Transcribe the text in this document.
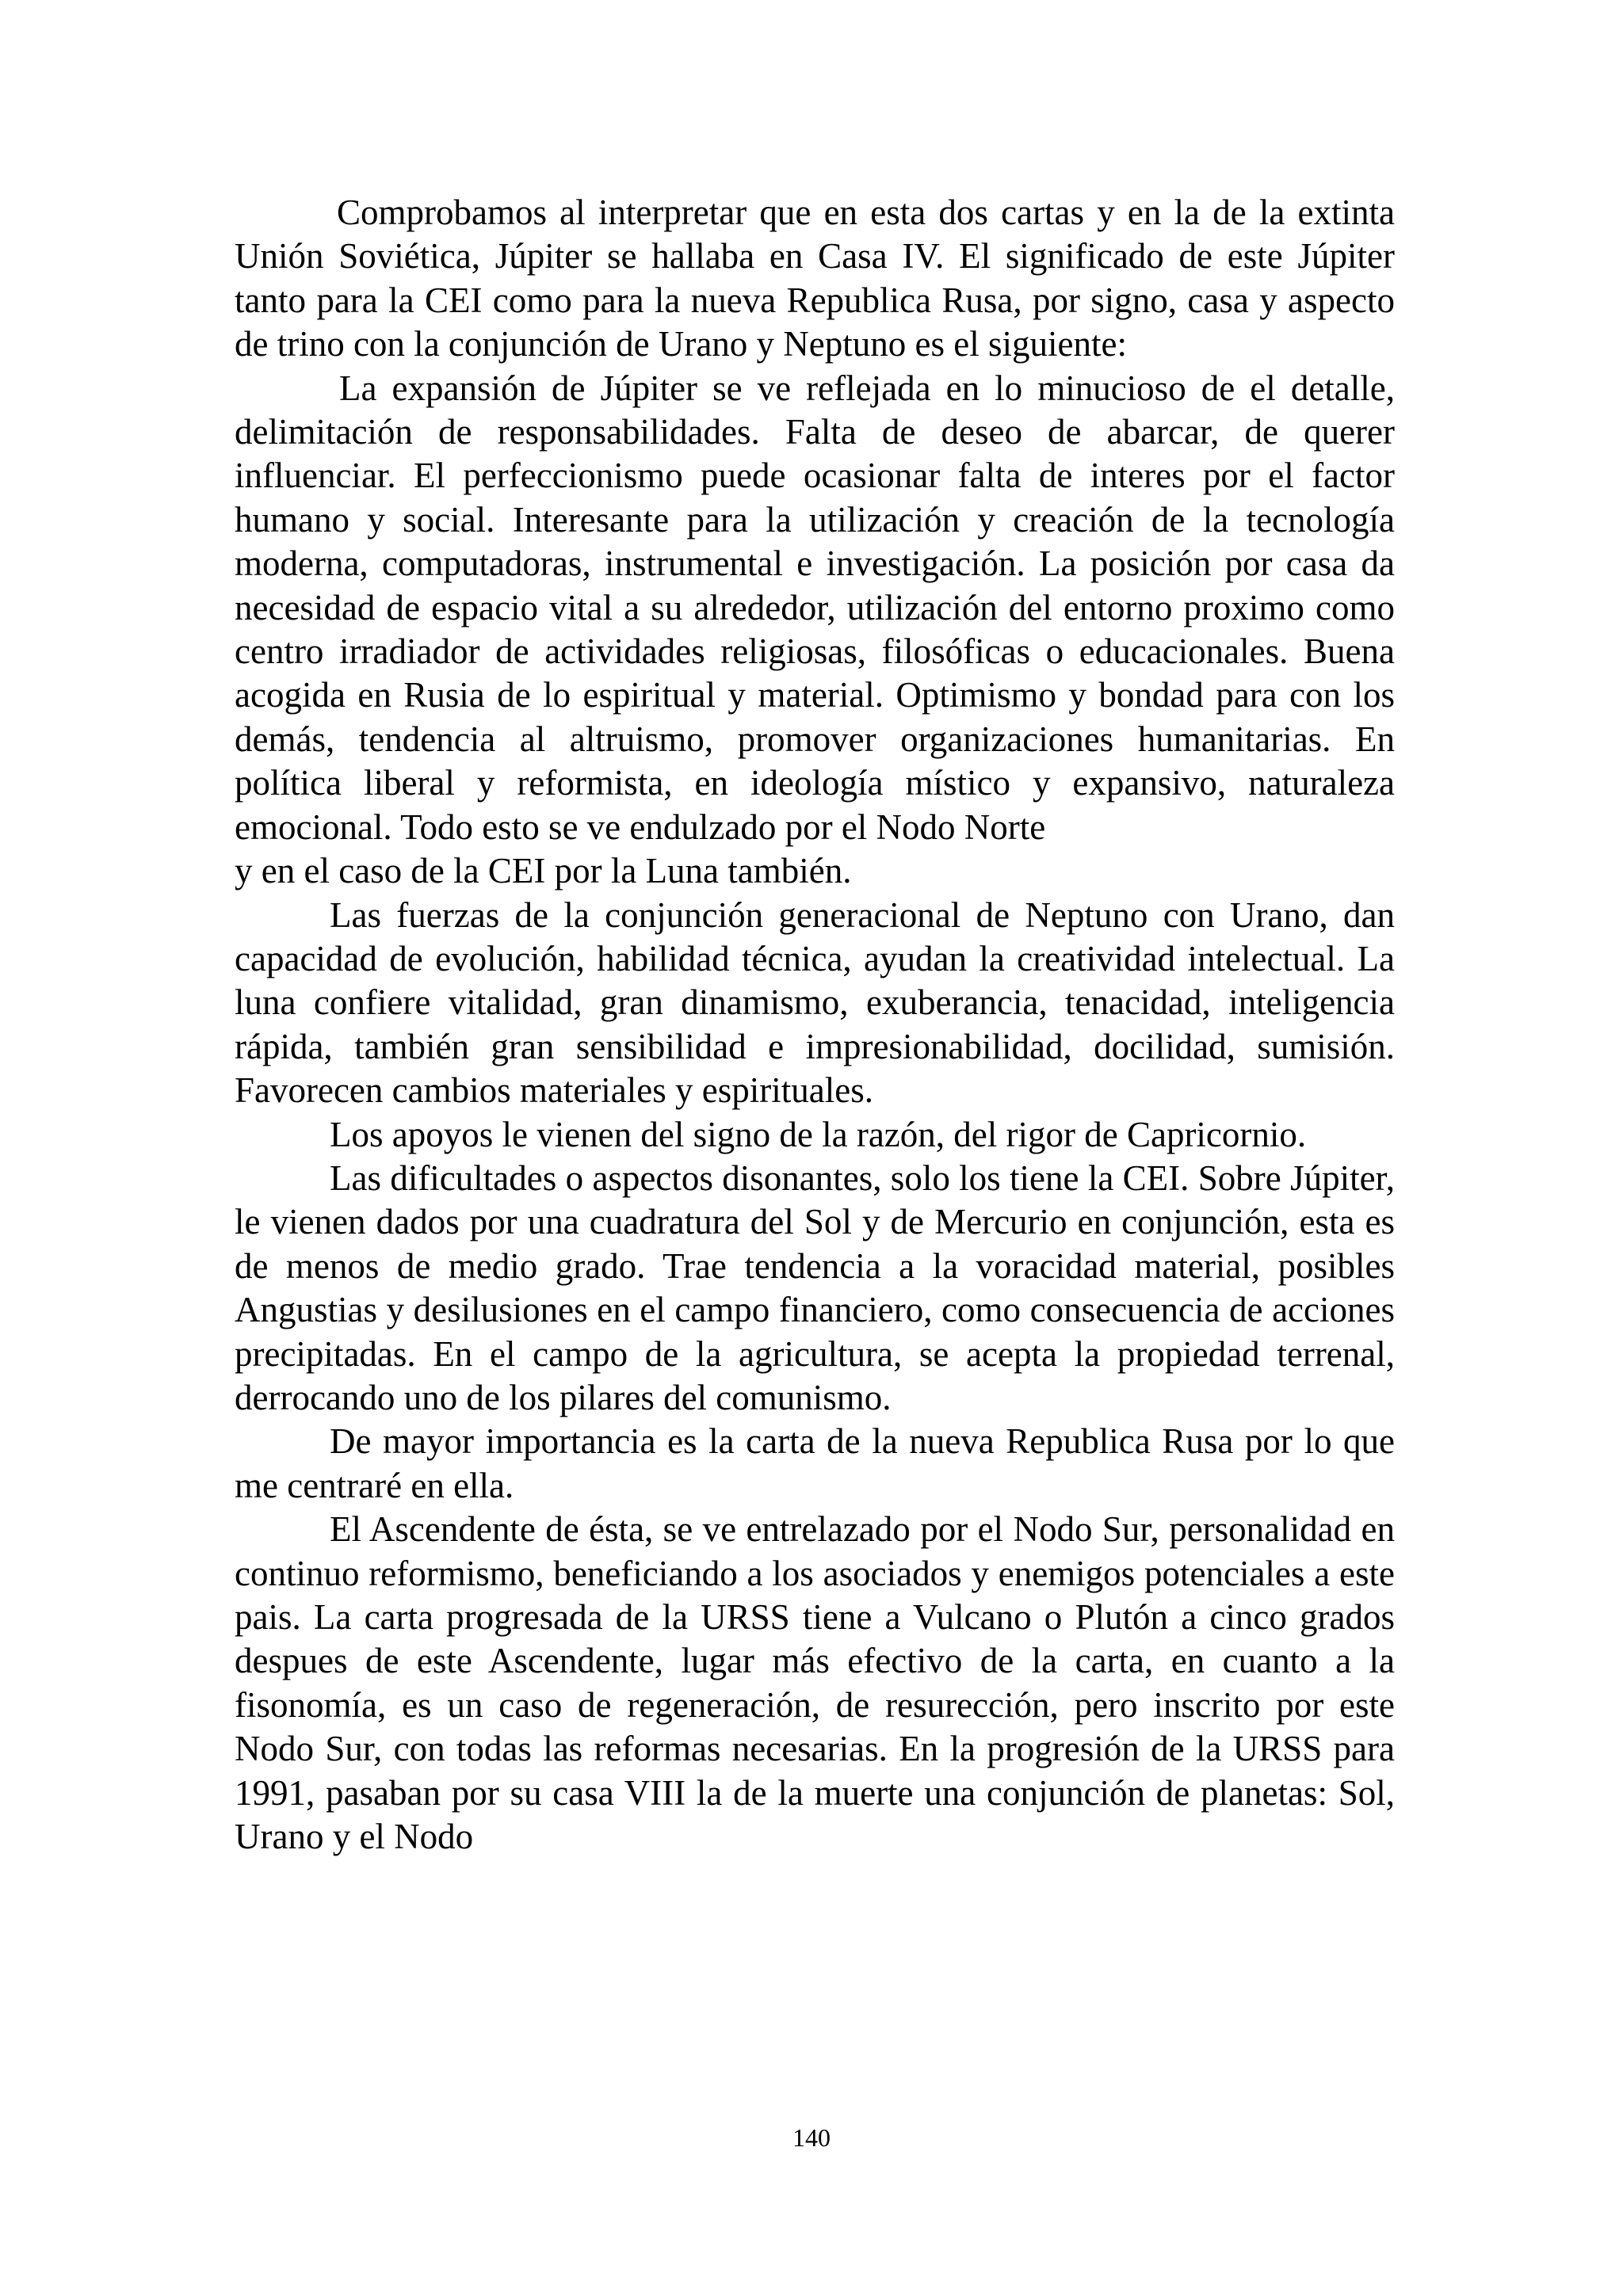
Comprobamos al interpretar que en esta dos cartas y en la de la extinta Unión Soviética, Júpiter se hallaba en Casa IV. El significado de este Júpiter tanto para la CEI como para la nueva Republica Rusa, por signo, casa y aspecto de trino con la conjunción de Urano y Neptuno es el siguiente:

La expansión de Júpiter se ve reflejada en lo minucioso de el detalle, delimitación de responsabilidades. Falta de deseo de abarcar, de querer influenciar. El perfeccionismo puede ocasionar falta de interes por el factor humano y social. Interesante para la utilización y creación de la tecnología moderna, computadoras, instrumental e investigación. La posición por casa da necesidad de espacio vital a su alrededor, utilización del entorno proximo como centro irradiador de actividades religiosas, filosóficas o educacionales. Buena acogida en Rusia de lo espiritual y material. Optimismo y bondad para con los demás, tendencia al altruismo, promover organizaciones humanitarias. En política liberal y reformista, en ideología místico y expansivo, naturaleza emocional. Todo esto se ve endulzado por el Nodo Norte

y en el caso de la CEI por la Luna también.

Las fuerzas de la conjunción generacional de Neptuno con Urano, dan capacidad de evolución, habilidad técnica, ayudan la creatividad intelectual. La luna confiere vitalidad, gran dinamismo, exuberancia, tenacidad, inteligencia rápida, también gran sensibilidad e impresionabilidad, docilidad, sumisión. Favorecen cambios materiales y espirituales.

Los apoyos le vienen del signo de la razón, del rigor de Capricornio.

Las dificultades o aspectos disonantes, solo los tiene la CEI. Sobre Júpiter, le vienen dados por una cuadratura del Sol y de Mercurio en conjunción, esta es de menos de medio grado. Trae tendencia a la voracidad material, posibles Angustias y desilusiones en el campo financiero, como consecuencia de acciones precipitadas. En el campo de la agricultura, se acepta la propiedad terrenal, derrocando uno de los pilares del comunismo.

De mayor importancia es la carta de la nueva Republica Rusa por lo que me centraré en ella.

El Ascendente de ésta, se ve entrelazado por el Nodo Sur, personalidad en continuo reformismo, beneficiando a los asociados y enemigos potenciales a este pais. La carta progresada de la URSS tiene a Vulcano o Plutón a cinco grados despues de este Ascendente, lugar más efectivo de la carta, en cuanto a la fisonomía, es un caso de regeneración, de resurección, pero inscrito por este Nodo Sur, con todas las reformas necesarias. En la progresión de la URSS para 1991, pasaban por su casa VIII la de la muerte una conjunción de planetas: Sol, Urano y el Nodo

140
